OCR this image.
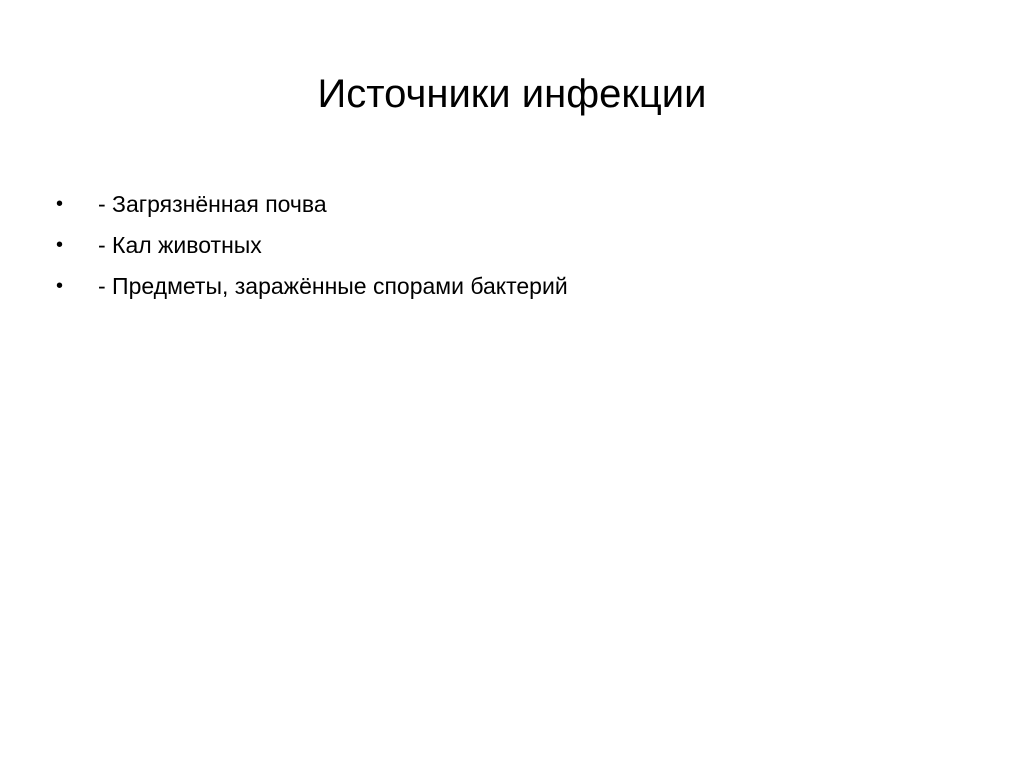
Источники инфекции
•	- Загрязнённая почва
•	- Кал животных
•	- Предметы, заражённые спорами бактерий
